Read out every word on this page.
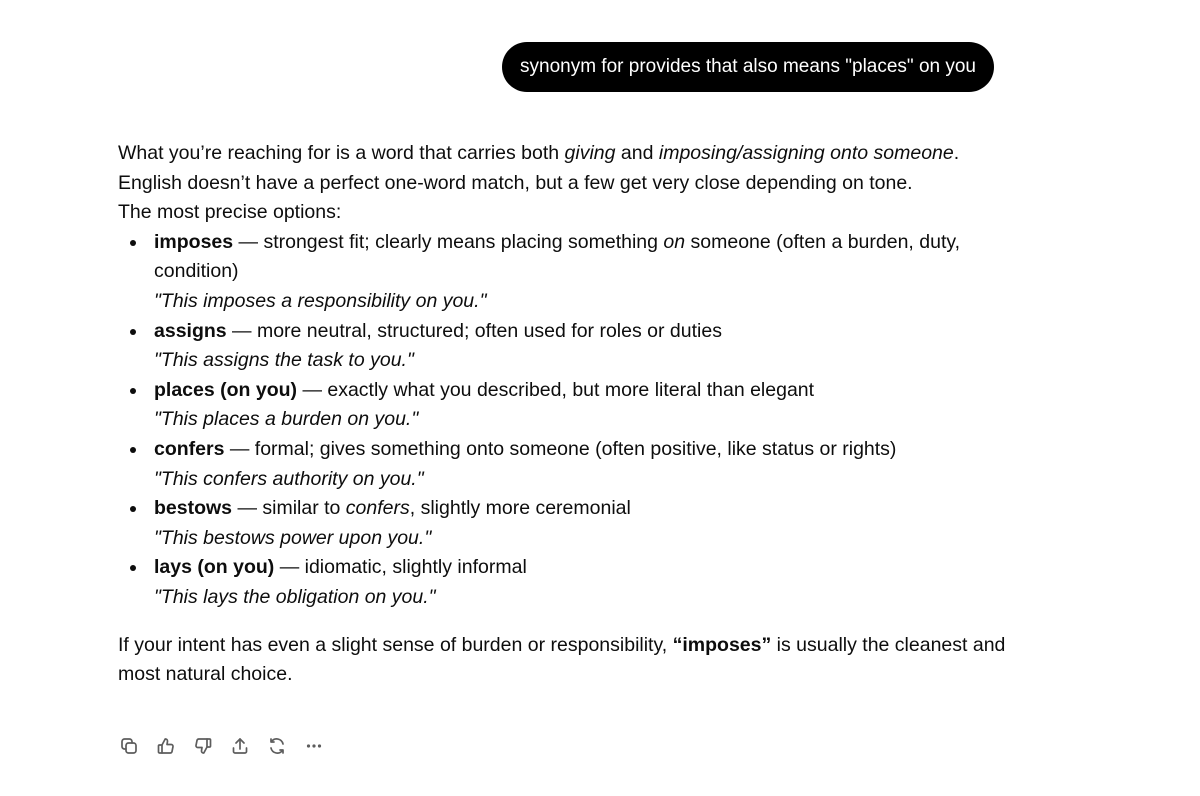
synonym for provides that also means "places" on you

What you’re reaching for is a word that carries both giving and imposing/assigning onto someone. English doesn’t have a perfect one-word match, but a few get very close depending on tone.

The most precise options:

imposes — strongest fit; clearly means placing something on someone (often a burden, duty, condition)
"This imposes a responsibility on you."
assigns — more neutral, structured; often used for roles or duties
"This assigns the task to you."
places (on you) — exactly what you described, but more literal than elegant
"This places a burden on you."
confers — formal; gives something onto someone (often positive, like status or rights)
"This confers authority on you."
bestows — similar to confers, slightly more ceremonial
"This bestows power upon you."
lays (on you) — idiomatic, slightly informal
"This lays the obligation on you."

If your intent has even a slight sense of burden or responsibility, “imposes” is usually the cleanest and most natural choice.
